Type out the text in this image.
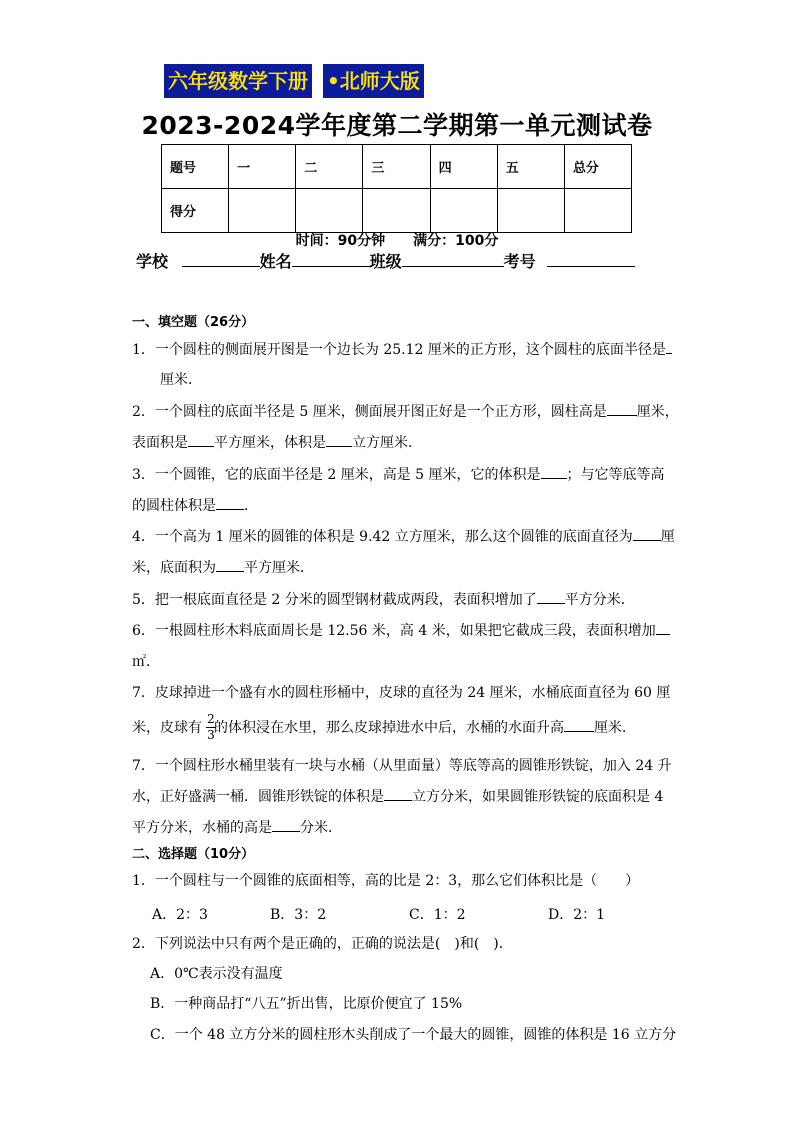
六年级数学下册 •北师大版
2023-2024学年度第二学期第一单元测试卷
题号	一	二	三	四	五	总分
得分						
时间：90分钟　　满分：100分
学校	姓名	班级	考号
一、填空题（26分）
1．一个圆柱的侧面展开图是一个边长为 25.12 厘米的正方形，这个圆柱的底面半径是
厘米．
2．一个圆柱的底面半径是 5 厘米，侧面展开图正好是一个正方形，圆柱高是 厘米，
表面积是 平方厘米，体积是 立方厘米．
3．一个圆锥，它的底面半径是 2 厘米，高是 5 厘米，它的体积是 ；与它等底等高
的圆柱体积是 ．
4．一个高为 1 厘米的圆锥的体积是 9.42 立方厘米，那么这个圆锥的底面直径为 厘
米，底面积为 平方厘米．
5．把一根底面直径是 2 分米的圆型钢材截成两段，表面积增加了 平方分米．
6．一根圆柱形木料底面周长是 12.56 米，高 4 米，如果把它截成三段，表面积增加
㎡．
7．皮球掉进一个盛有水的圆柱形桶中，皮球的直径为 24 厘米，水桶底面直径为 60 厘
米，皮球有 的体积浸在水里，那么皮球掉进水中后，水桶的水面升高 厘米．
2
3
7．一个圆柱形水桶里装有一块与水桶（从里面量）等底等高的圆锥形铁锭，加入 24 升
水，正好盛满一桶．圆锥形铁锭的体积是 立方分米，如果圆锥形铁锭的底面积是 4
平方分米，水桶的高是 分米．
二、选择题（10分）
1．一个圆柱与一个圆锥的底面相等，高的比是 2：3，那么它们体积比是（　　）
A．2：3	B．3：2	C．1：2	D．2：1
2．下列说法中只有两个是正确的，正确的说法是(　)和(　)．
A．0℃表示没有温度
B．一种商品打“八五”折出售，比原价便宜了 15%
C．一个 48 立方分米的圆柱形木头削成了一个最大的圆锥，圆锥的体积是 16 立方分
